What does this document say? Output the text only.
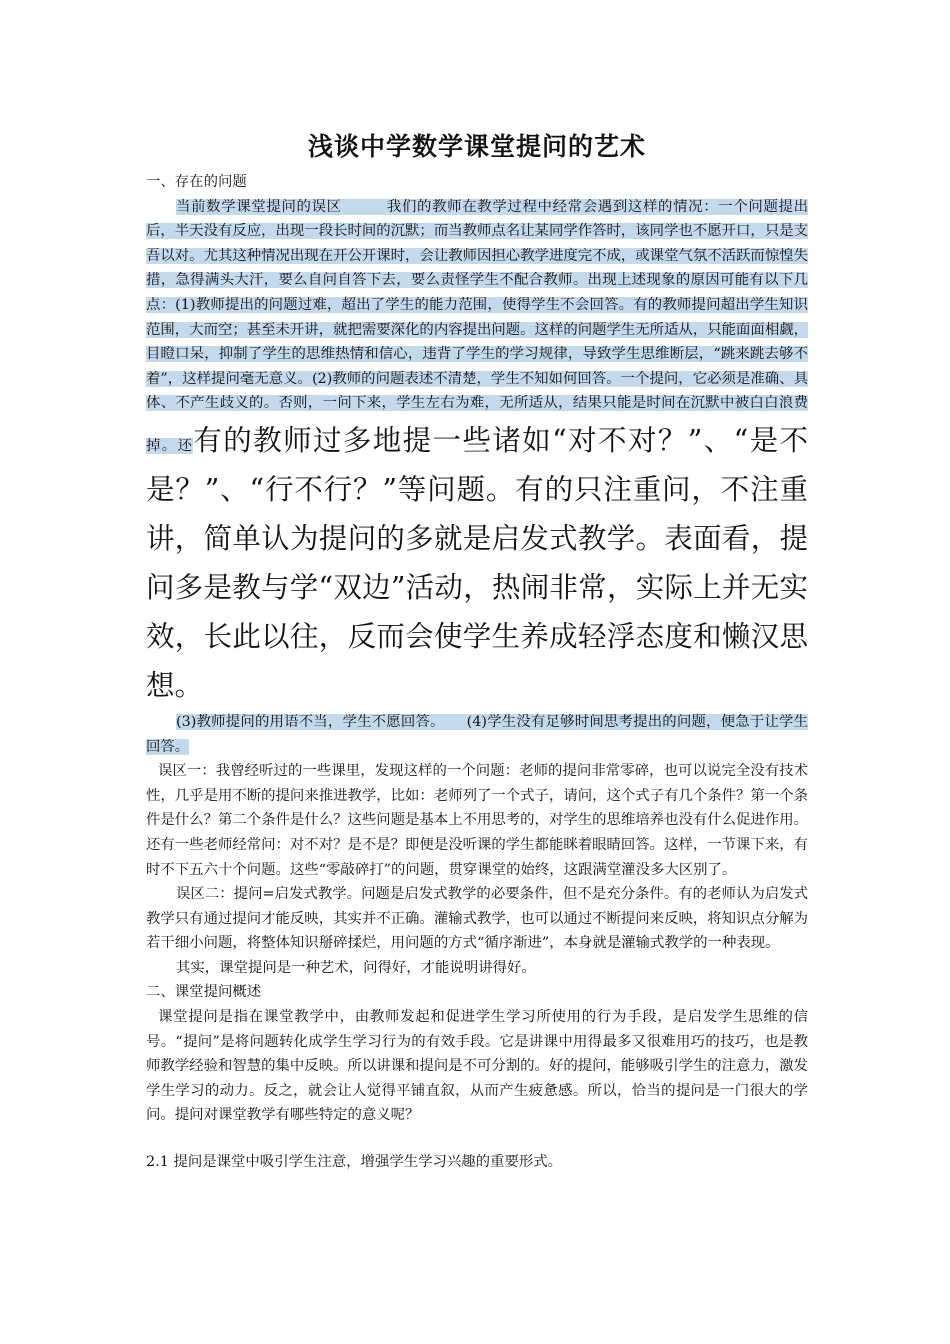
浅谈中学数学课堂提问的艺术

一、存在的问题

当前数学课堂提问的误区　　　我们的教师在教学过程中经常会遇到这样的情况：一个问题提出后，半天没有反应，出现一段长时间的沉默；而当教师点名让某同学作答时，该同学也不愿开口，只是支吾以对。尤其这种情况出现在开公开课时，会让教师因担心教学进度完不成，或课堂气氛不活跃而惊惶失措，急得满头大汗，要么自问自答下去，要么责怪学生不配合教师。出现上述现象的原因可能有以下几点：(1)教师提出的问题过难，超出了学生的能力范围，使得学生不会回答。有的教师提问超出学生知识范围，大而空；甚至未开讲，就把需要深化的内容提出问题。这样的问题学生无所适从，只能面面相觑，目瞪口呆，抑制了学生的思维热情和信心，违背了学生的学习规律，导致学生思维断层，“跳来跳去够不着”，这样提问毫无意义。(2)教师的问题表述不清楚，学生不知如何回答。一个提问，它必须是准确、具体、不产生歧义的。否则，一问下来，学生左右为难，无所适从，结果只能是时间在沉默中被白白浪费掉。还有的教师过多地提一些诸如“对不对？”、“是不是？”、“行不行？”等问题。有的只注重问，不注重讲，简单认为提问的多就是启发式教学。表面看，提问多是教与学“双边”活动，热闹非常，实际上并无实效，长此以往，反而会使学生养成轻浮态度和懒汉思想。

(3)教师提问的用语不当，学生不愿回答。　　(4)学生没有足够时间思考提出的问题，便急于让学生回答。

误区一：我曾经听过的一些课里，发现这样的一个问题：老师的提问非常零碎，也可以说完全没有技术性，几乎是用不断的提问来推进教学，比如：老师列了一个式子，请问，这个式子有几个条件？第一个条件是什么？第二个条件是什么？这些问题是基本上不用思考的，对学生的思维培养也没有什么促进作用。还有一些老师经常问：对不对？是不是？即便是没听课的学生都能眯着眼睛回答。这样，一节课下来，有时不下五六十个问题。这些“零敲碎打”的问题，贯穿课堂的始终，这跟满堂灌没多大区别了。

误区二：提问=启发式教学。问题是启发式教学的必要条件，但不是充分条件。有的老师认为启发式教学只有通过提问才能反映，其实并不正确。灌输式教学，也可以通过不断提问来反映，将知识点分解为若干细小问题，将整体知识掰碎揉烂，用问题的方式“循序渐进”，本身就是灌输式教学的一种表现。

其实，课堂提问是一种艺术，问得好，才能说明讲得好。

二、课堂提问概述

课堂提问是指在课堂教学中，由教师发起和促进学生学习所使用的行为手段，是启发学生思维的信号。“提问”是将问题转化成学生学习行为的有效手段。它是讲课中用得最多又很难用巧的技巧，也是教师教学经验和智慧的集中反映。所以讲课和提问是不可分割的。好的提问，能够吸引学生的注意力，激发学生学习的动力。反之，就会让人觉得平铺直叙，从而产生疲惫感。所以，恰当的提问是一门很大的学问。提问对课堂教学有哪些特定的意义呢？

2.1 提问是课堂中吸引学生注意，增强学生学习兴趣的重要形式。
